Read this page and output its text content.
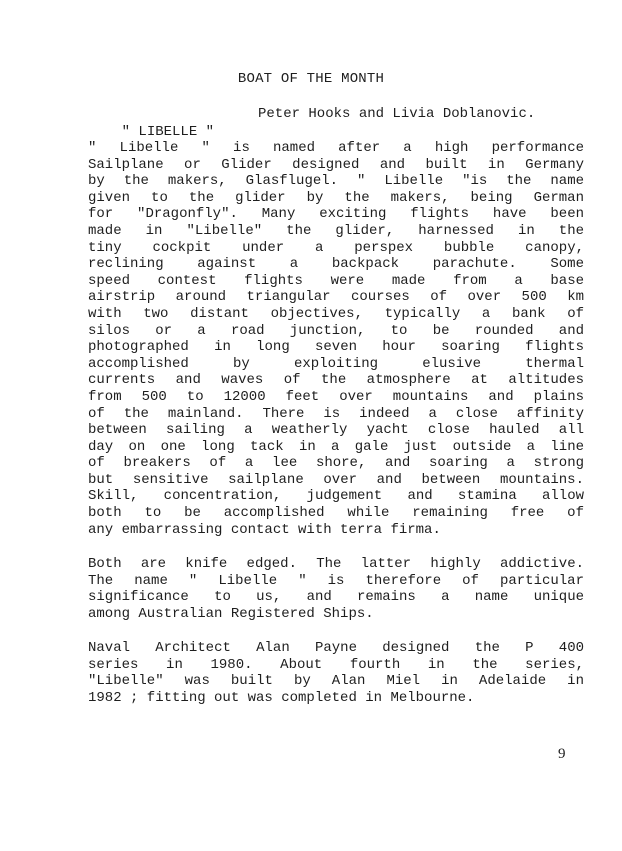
BOAT OF THE MONTH

" LIBELLE "

Peter Hooks and Livia Doblanovic.

" Libelle " is named after a high performance
Sailplane or Glider designed and built in Germany
by the makers, Glasflugel. " Libelle "is the name
given to the glider by the makers, being German
for "Dragonfly". Many exciting flights have been
made in "Libelle" the glider, harnessed in the
tiny cockpit under a perspex bubble canopy,
reclining against a backpack parachute. Some
speed contest flights were made from a base
airstrip around triangular courses of over 500 km
with two distant objectives, typically a bank of
silos or a road junction, to be rounded and
photographed in long seven hour soaring flights
accomplished by exploiting elusive thermal
currents and waves of the atmosphere at altitudes
from 500 to 12000 feet over mountains and plains
of the mainland. There is indeed a close affinity
between sailing a weatherly yacht close hauled all
day on one long tack in a gale just outside a line
of breakers of a lee shore, and soaring a strong
but sensitive sailplane over and between mountains.
Skill, concentration, judgement and stamina allow
both to be accomplished while remaining free of
any embarrassing contact with terra firma.
Both are knife edged. The latter highly addictive.
The name " Libelle " is therefore of particular
significance to us, and remains a name unique
among Australian Registered Ships.
Naval Architect Alan Payne designed the P 400
series in 1980. About fourth in the series,
"Libelle" was built by Alan Miel in Adelaide in
1982 ; fitting out was completed in Melbourne.
9
